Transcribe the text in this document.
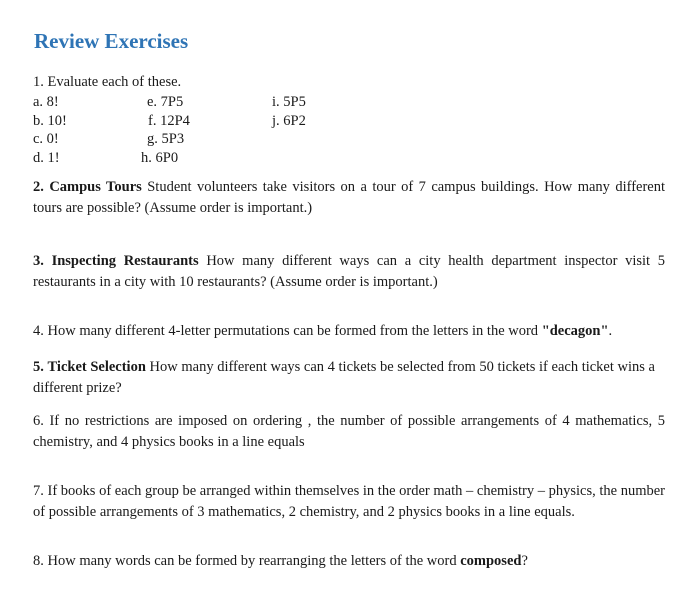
Review Exercises
1. Evaluate each of these.
a. 8!
b. 10!
c. 0!
d. 1!
e. 7P5
f. 12P4
g. 5P3
h. 6P0
i. 5P5
j. 6P2

2. Campus Tours Student volunteers take visitors on a tour of 7 campus buildings. How many different tours are possible? (Assume order is important.)

3. Inspecting Restaurants How many different ways can a city health department inspector visit 5 restaurants in a city with 10 restaurants? (Assume order is important.)

4. How many different 4-letter permutations can be formed from the letters in the word "decagon".

5. Ticket Selection How many different ways can 4 tickets be selected from 50 tickets if each ticket wins a different prize?

6. If no restrictions are imposed on ordering , the number of possible arrangements of 4 mathematics, 5 chemistry, and 4 physics books in a line equals

7. If books of each group be arranged within themselves in the order math – chemistry – physics, the number of possible arrangements of 3 mathematics, 2 chemistry, and 2 physics books in a line equals.

8. How many words can be formed by rearranging the letters of the word composed?
